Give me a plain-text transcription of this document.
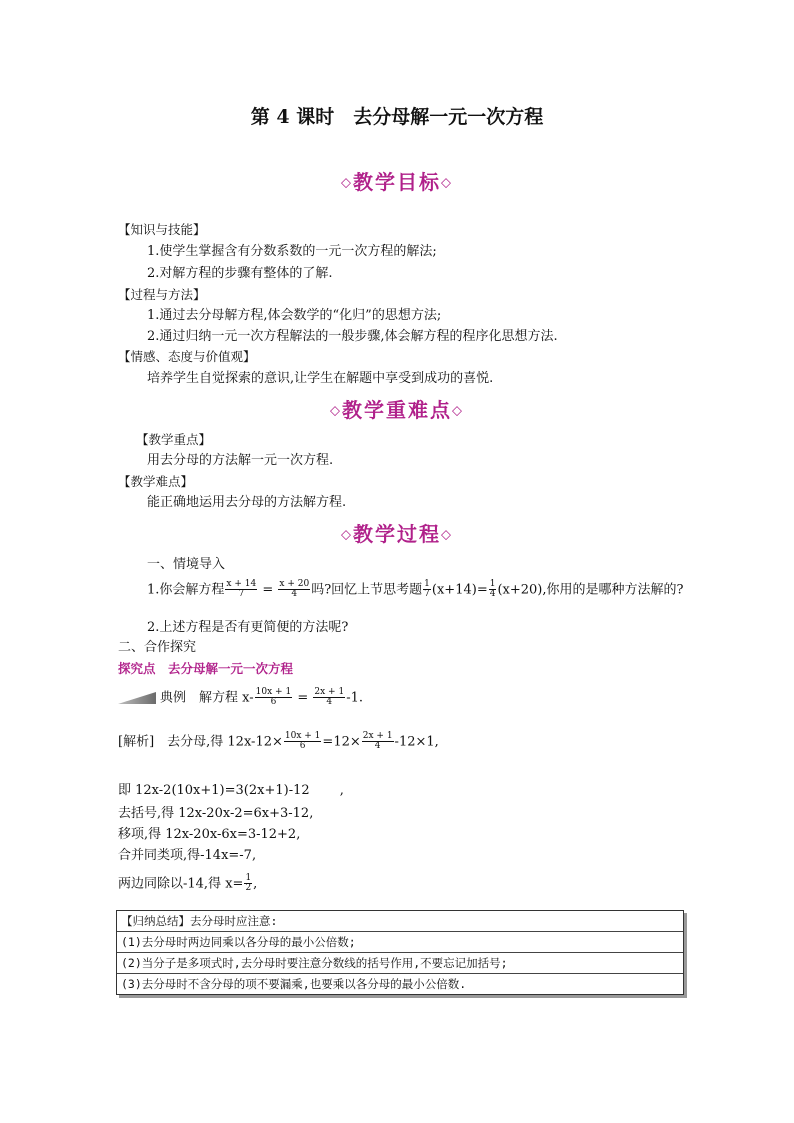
第 4 课时　去分母解一元一次方程
◇教学目标◇
【知识与技能】
1.使学生掌握含有分数系数的一元一次方程的解法;
2.对解方程的步骤有整体的了解.
【过程与方法】
1.通过去分母解方程,体会数学的“化归”的思想方法;
2.通过归纳一元一次方程解法的一般步骤,体会解方程的程序化思想方法.
【情感、态度与价值观】
培养学生自觉探索的意识,让学生在解题中享受到成功的喜悦.
◇教学重难点◇
【教学重点】
用去分母的方法解一元一次方程.
【教学难点】
能正确地运用去分母的方法解方程.
◇教学过程◇
一、情境导入
1.你会解方程 $\frac{x + 14}{7} = \frac{x + 20}{4}$ 吗?回忆上节思考题 $\frac{1}{7} (x+14)= \frac{1}{4} (x+20)$,你用的是哪种方法解的?
2.上述方程是否有更简便的方法呢?
二、合作探究
探究点　去分母解一元一次方程
典例　 解方程 $x- \frac{10x + 1}{6} = \frac{2x + 1}{4} -1$.
[解析]　去分母,得 $12x-12\times \frac{10x + 1}{6} =12\times \frac{2x + 1}{4} -12\times 1$,
即 12x-2(10x+1)=3(2x+1)-12　　 ,
去括号,得 12x-20x-2=6x+3-12,
移项,得 12x-20x-6x=3-12+2,
合并同类项,得-14x=-7,
两边同除以-14,得 $x= \frac{1}{2}$ ,
【归纳总结】去分母时应注意:
(1)去分母时两边同乘以各分母的最小公倍数;
(2)当分子是多项式时,去分母时要注意分数线的括号作用,不要忘记加括号;
(3)去分母时不含分母的项不要漏乘,也要乘以各分母的最小公倍数.
